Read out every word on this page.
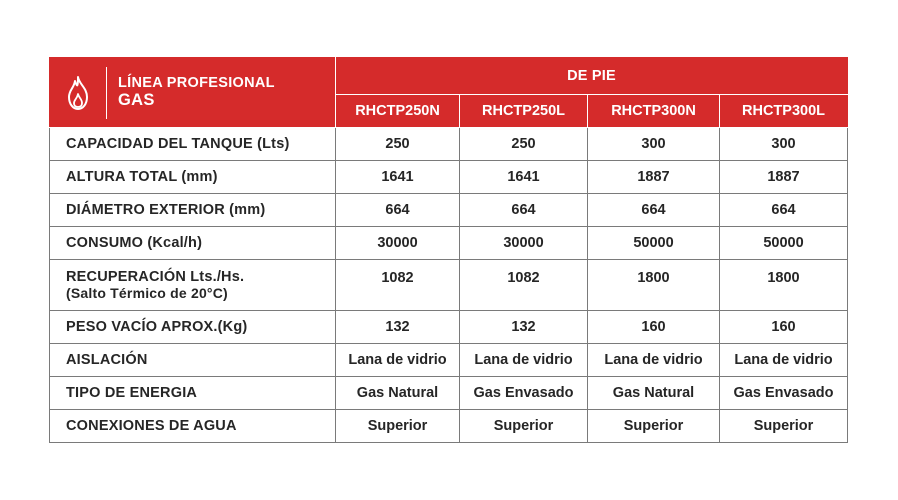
LÍNEA PROFESIONAL
GAS	DE PIE			
	RHCTP250N	RHCTP250L	RHCTP300N	RHCTP300L
CAPACIDAD DEL TANQUE (Lts)	250	250	300	300
ALTURA TOTAL (mm)	1641	1641	1887	1887
DIÁMETRO EXTERIOR (mm)	664	664	664	664
CONSUMO (Kcal/h)	30000	30000	50000	50000
RECUPERACIÓN Lts./Hs.
(Salto Térmico de 20°C)	1082	1082	1800	1800
PESO VACÍO APROX.(Kg)	132	132	160	160
AISLACIÓN	Lana de vidrio	Lana de vidrio	Lana de vidrio	Lana de vidrio
TIPO DE ENERGIA	Gas Natural	Gas Envasado	Gas Natural	Gas Envasado
CONEXIONES DE AGUA	Superior	Superior	Superior	Superior
